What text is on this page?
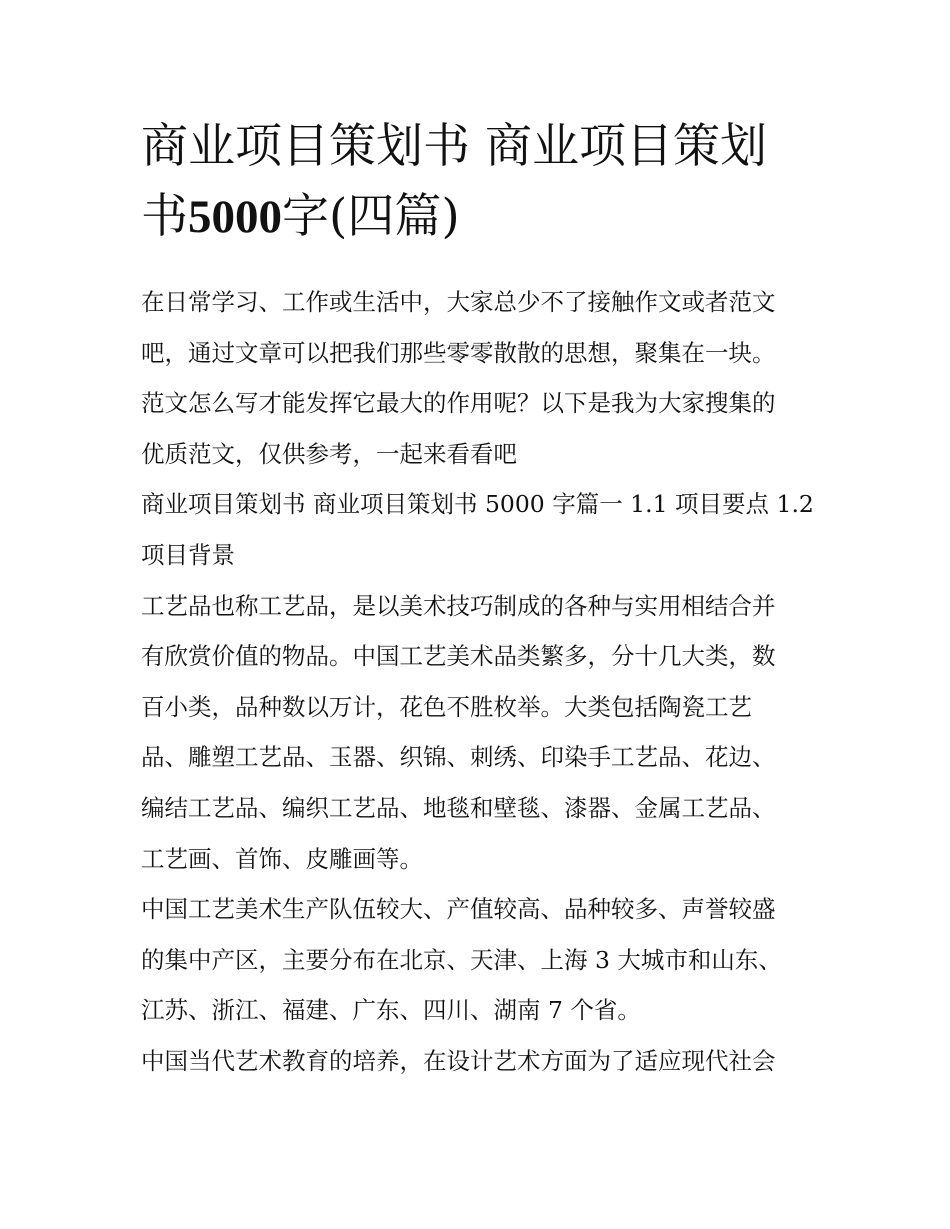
商业项目策划书 商业项目策划
书5000字(四篇)

在日常学习、工作或生活中，大家总少不了接触作文或者范文
吧，通过文章可以把我们那些零零散散的思想，聚集在一块。
范文怎么写才能发挥它最大的作用呢？以下是我为大家搜集的
优质范文，仅供参考，一起来看看吧

商业项目策划书 商业项目策划书 5000 字篇一 1.1 项目要点 1.2
项目背景

工艺品也称工艺品，是以美术技巧制成的各种与实用相结合并
有欣赏价值的物品。中国工艺美术品类繁多，分十几大类，数
百小类，品种数以万计，花色不胜枚举。大类包括陶瓷工艺
品、雕塑工艺品、玉器、织锦、刺绣、印染手工艺品、花边、
编结工艺品、编织工艺品、地毯和壁毯、漆器、金属工艺品、
工艺画、首饰、皮雕画等。

中国工艺美术生产队伍较大、产值较高、品种较多、声誉较盛
的集中产区，主要分布在北京、天津、上海 3 大城市和山东、
江苏、浙江、福建、广东、四川、湖南 7 个省。

中国当代艺术教育的培养，在设计艺术方面为了适应现代社会
